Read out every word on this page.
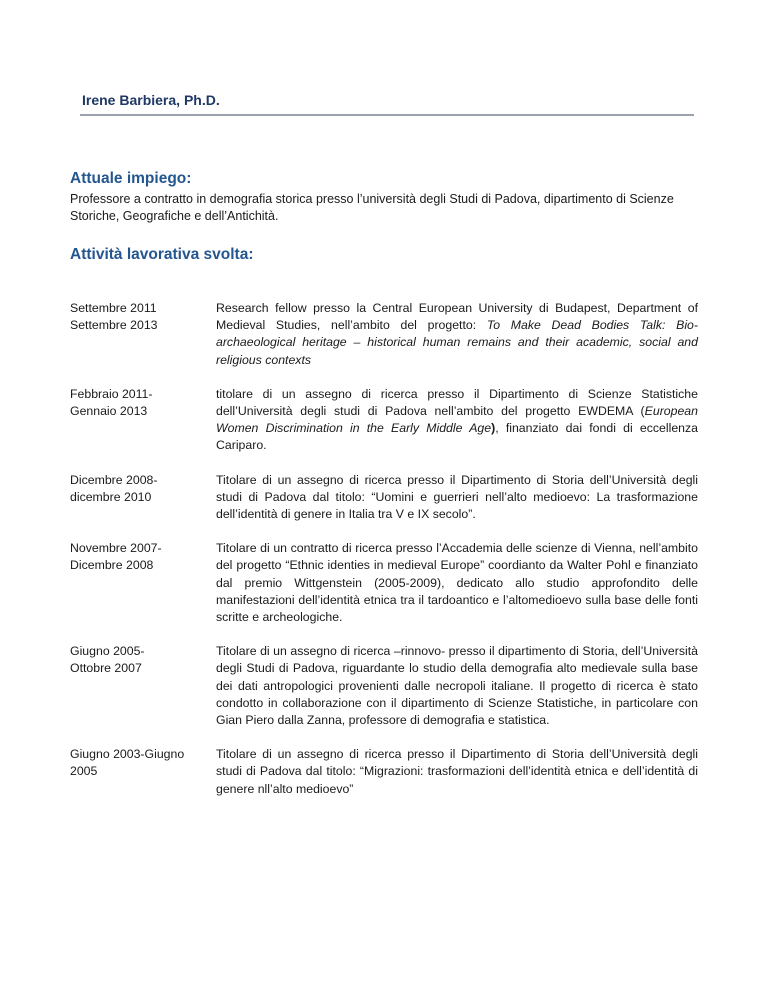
Irene Barbiera, Ph.D.
Attuale impiego:
Professore a contratto in demografia storica presso l’università degli Studi di Padova, dipartimento di Scienze Storiche, Geografiche e dell’Antichità.
Attività lavorativa svolta:
Settembre 2011
Settembre 2013
Research fellow presso la Central European University di Budapest, Department of Medieval Studies, nell’ambito del progetto: To Make Dead Bodies Talk: Bio-archaeological heritage – historical human remains and their academic, social and religious contexts
Febbraio 2011-
Gennaio 2013
titolare di un assegno di ricerca presso il Dipartimento di Scienze Statistiche dell’Università degli studi di Padova nell’ambito del progetto EWDEMA (European Women Discrimination in the Early Middle Age), finanziato dai fondi di eccellenza Cariparo.
Dicembre 2008-
dicembre 2010
Titolare di un assegno di ricerca presso il Dipartimento di Storia dell’Università degli studi di Padova dal titolo: “Uomini e guerrieri nell’alto medioevo: La trasformazione dell’identità di genere in Italia tra V e IX secolo”.
Novembre 2007-
Dicembre 2008
Titolare di un contratto di ricerca presso l’Accademia delle scienze di Vienna, nell’ambito del progetto “Ethnic identies in medieval Europe” coordianto da Walter Pohl e finanziato dal premio Wittgenstein (2005-2009), dedicato allo studio approfondito delle manifestazioni dell’identità etnica tra il tardoantico e l’altomedioevo sulla base delle fonti scritte e archeologiche.
Giugno 2005-
Ottobre 2007
Titolare di un assegno di ricerca –rinnovo- presso il dipartimento di Storia, dell’Università degli Studi di Padova, riguardante lo studio della demografia alto medievale sulla base dei dati antropologici provenienti dalle necropoli italiane. Il progetto di ricerca è stato condotto in collaborazione con il dipartimento di Scienze Statistiche, in particolare con Gian Piero dalla Zanna, professore di demografia e statistica.
Giugno 2003-Giugno
2005
Titolare di un assegno di ricerca presso il Dipartimento di Storia dell’Università degli studi di Padova dal titolo: “Migrazioni: trasformazioni dell’identità etnica e dell’identità di genere nll’alto medioevo”
